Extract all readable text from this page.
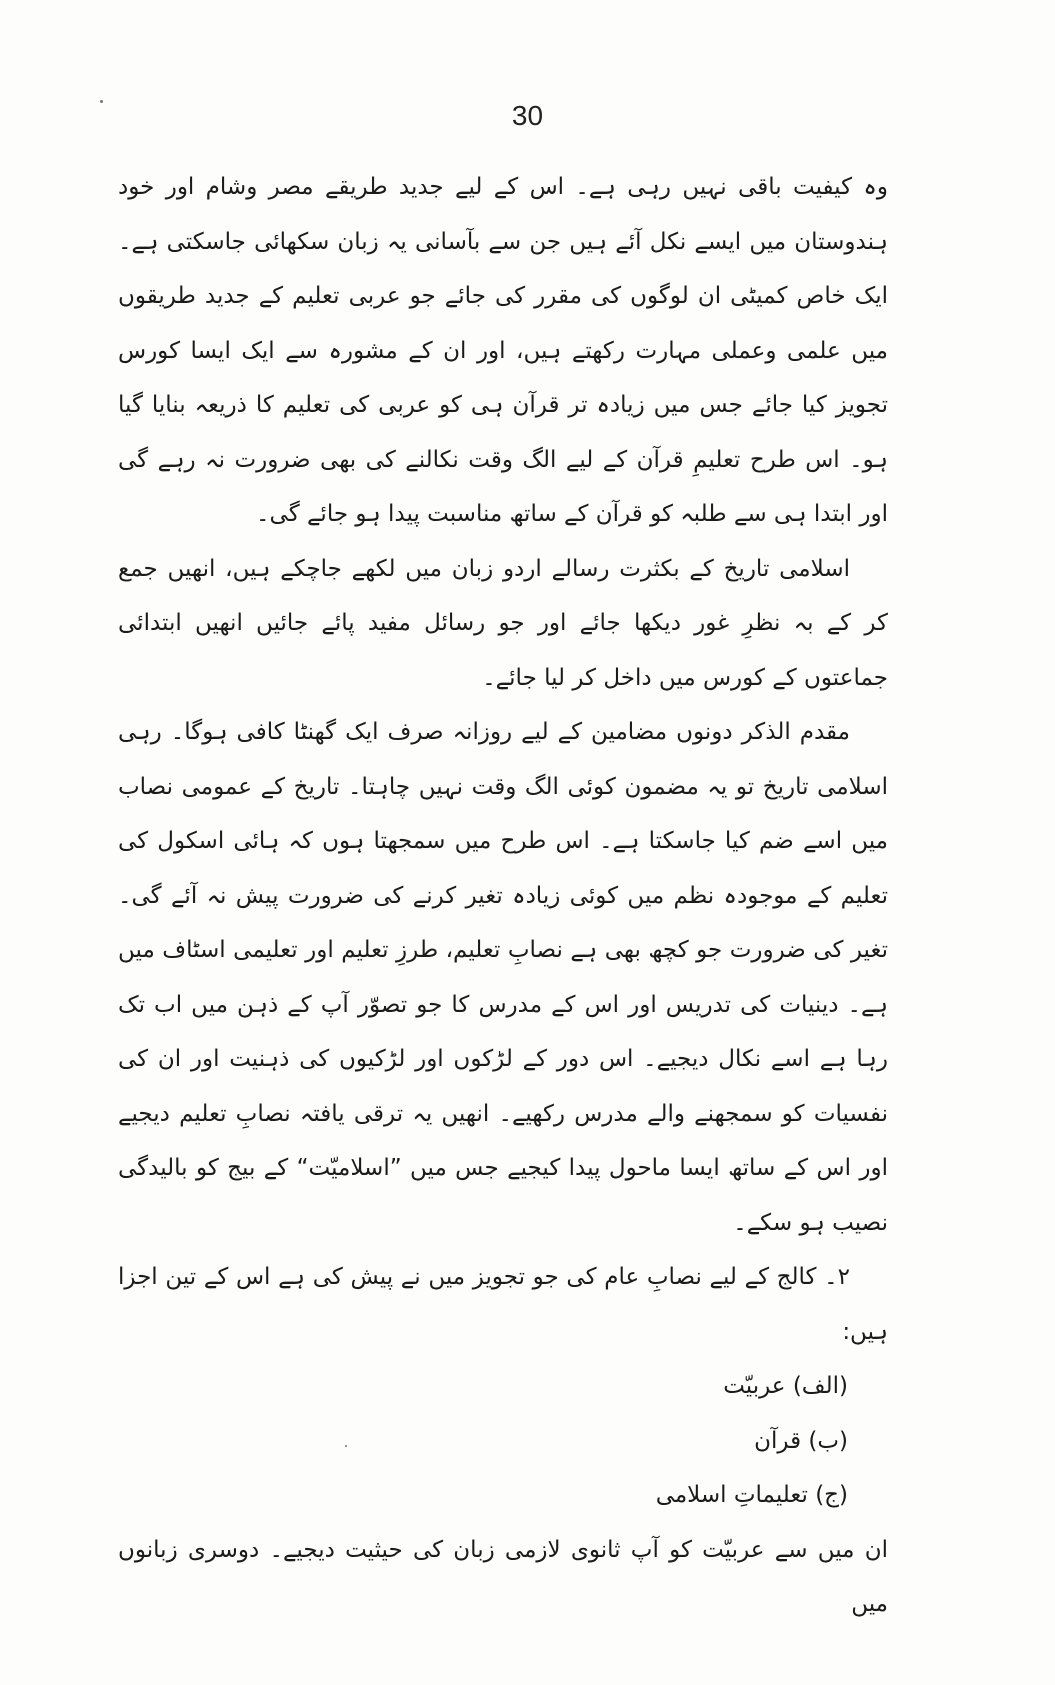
30

وہ کیفیت باقی نہیں رہی ہے۔ اس کے لیے جدید طریقے مصر وشام اور خود ہندوستان میں ایسے نکل آئے ہیں جن سے بآسانی یہ زبان سکھائی جاسکتی ہے۔ ایک خاص کمیٹی ان لوگوں کی مقرر کی جائے جو عربی تعلیم کے جدید طریقوں میں علمی وعملی مہارت رکھتے ہیں، اور ان کے مشورہ سے ایک ایسا کورس تجویز کیا جائے جس میں زیادہ تر قرآن ہی کو عربی کی تعلیم کا ذریعہ بنایا گیا ہو۔ اس طرح تعلیمِ قرآن کے لیے الگ وقت نکالنے کی بھی ضرورت نہ رہے گی اور ابتدا ہی سے طلبہ کو قرآن کے ساتھ مناسبت پیدا ہو جائے گی۔

اسلامی تاریخ کے بکثرت رسالے اردو زبان میں لکھے جاچکے ہیں، انھیں جمع کر کے بہ نظرِ غور دیکھا جائے اور جو رسائل مفید پائے جائیں انھیں ابتدائی جماعتوں کے کورس میں داخل کر لیا جائے۔

مقدم الذکر دونوں مضامین کے لیے روزانہ صرف ایک گھنٹا کافی ہوگا۔ رہی اسلامی تاریخ تو یہ مضمون کوئی الگ وقت نہیں چاہتا۔ تاریخ کے عمومی نصاب میں اسے ضم کیا جاسکتا ہے۔ اس طرح میں سمجھتا ہوں کہ ہائی اسکول کی تعلیم کے موجودہ نظم میں کوئی زیادہ تغیر کرنے کی ضرورت پیش نہ آئے گی۔ تغیر کی ضرورت جو کچھ بھی ہے نصابِ تعلیم، طرزِ تعلیم اور تعلیمی اسٹاف میں ہے۔ دینیات کی تدریس اور اس کے مدرس کا جو تصوّر آپ کے ذہن میں اب تک رہا ہے اسے نکال دیجیے۔ اس دور کے لڑکوں اور لڑکیوں کی ذہنیت اور ان کی نفسیات کو سمجھنے والے مدرس رکھیے۔ انھیں یہ ترقی یافتہ نصابِ تعلیم دیجیے اور اس کے ساتھ ایسا ماحول پیدا کیجیے جس میں ”اسلامیّت“ کے بیج کو بالیدگی نصیب ہو سکے۔

۲۔ کالج کے لیے نصابِ عام کی جو تجویز میں نے پیش کی ہے اس کے تین اجزا ہیں:

(الف) عربیّت

(ب) قرآن

(ج) تعلیماتِ اسلامی

ان میں سے عربیّت کو آپ ثانوی لازمی زبان کی حیثیت دیجیے۔ دوسری زبانوں میں
